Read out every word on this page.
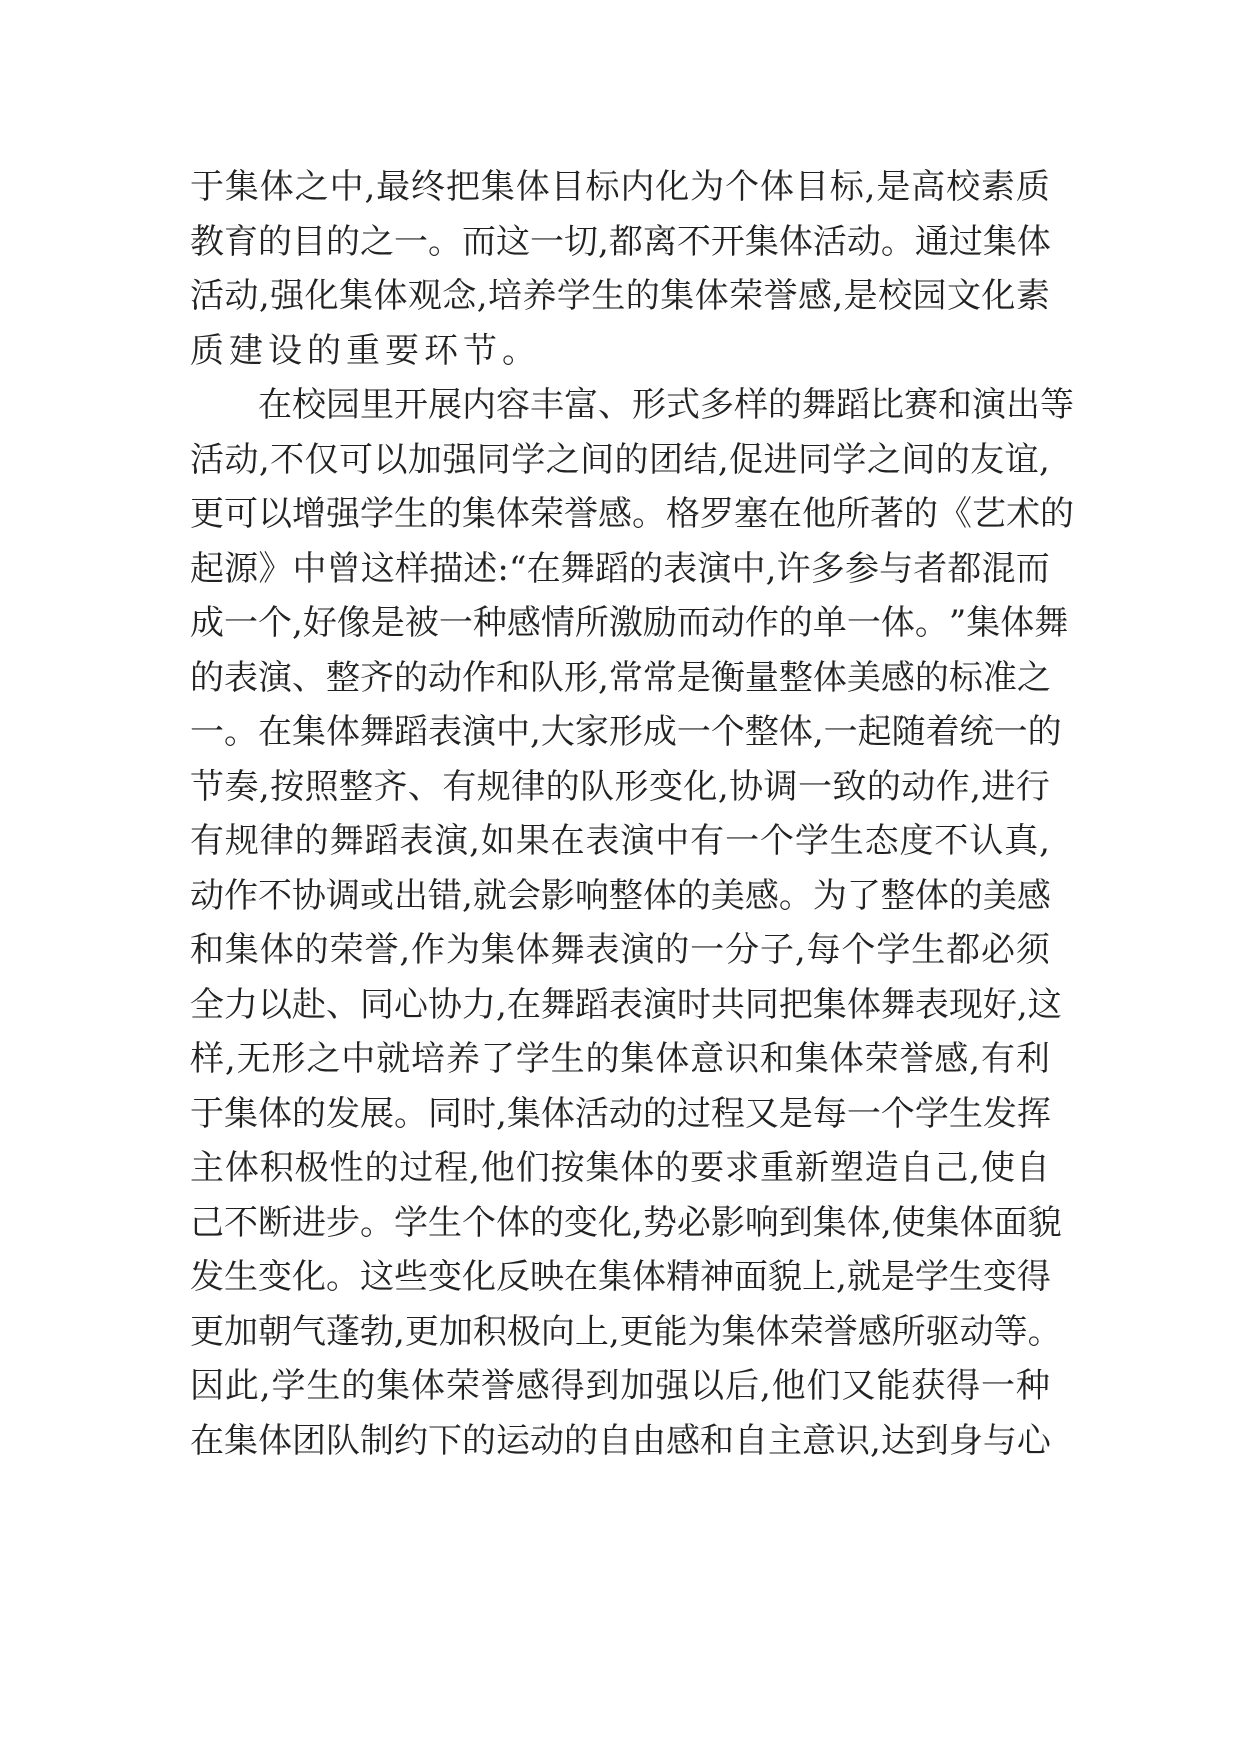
于 集 体 之 中 , 最 终 把 集 体 目 标 内 化 为 个 体 目 标 , 是 高 校 素 质
教 育 的 目 的 之 一 。 而 这 一 切 , 都 离 不 开 集 体 活 动 。 通 过 集 体
活 动 , 强 化 集 体 观 念 , 培 养 学 生 的 集 体 荣 誉 感 , 是 校 园 文 化 素
质建设的重要环节。
在 校 园 里 开 展 内 容 丰 富 、 形 式 多 样 的 舞 蹈 比 赛 和 演 出 等
活 动 , 不 仅 可 以 加 强 同 学 之 间 的 团 结 , 促 进 同 学 之 间 的 友 谊 ,
更 可 以 增 强 学 生 的 集 体 荣 誉 感 。 格 罗 塞 在 他 所 著 的 《 艺 术 的
起 源 》 中 曾 这 样 描 述 : “ 在 舞 蹈 的 表 演 中 , 许 多 参 与 者 都 混 而
成 一 个 , 好 像 是 被 一 种 感 情 所 激 励 而 动 作 的 单 一 体 。 ” 集 体 舞
的 表 演 、 整 齐 的 动 作 和 队 形 , 常 常 是 衡 量 整 体 美 感 的 标 准 之
一 。 在 集 体 舞 蹈 表 演 中 , 大 家 形 成 一 个 整 体 , 一 起 随 着 统 一 的
节 奏 , 按 照 整 齐 、 有 规 律 的 队 形 变 化 , 协 调 一 致 的 动 作 , 进 行
有 规 律 的 舞 蹈 表 演 , 如 果 在 表 演 中 有 一 个 学 生 态 度 不 认 真 ,
动 作 不 协 调 或 出 错 , 就 会 影 响 整 体 的 美 感 。 为 了 整 体 的 美 感
和 集 体 的 荣 誉 , 作 为 集 体 舞 表 演 的 一 分 子 , 每 个 学 生 都 必 须
全 力 以 赴 、 同 心 协 力 , 在 舞 蹈 表 演 时 共 同 把 集 体 舞 表 现 好 , 这
样 , 无 形 之 中 就 培 养 了 学 生 的 集 体 意 识 和 集 体 荣 誉 感 , 有 利
于 集 体 的 发 展 。 同 时 , 集 体 活 动 的 过 程 又 是 每 一 个 学 生 发 挥
主 体 积 极 性 的 过 程 , 他 们 按 集 体 的 要 求 重 新 塑 造 自 己 , 使 自
己 不 断 进 步 。 学 生 个 体 的 变 化 , 势 必 影 响 到 集 体 , 使 集 体 面 貌
发 生 变 化 。 这 些 变 化 反 映 在 集 体 精 神 面 貌 上 , 就 是 学 生 变 得
更 加 朝 气 蓬 勃 , 更 加 积 极 向 上 , 更 能 为 集 体 荣 誉 感 所 驱 动 等 。
因 此 , 学 生 的 集 体 荣 誉 感 得 到 加 强 以 后 , 他 们 又 能 获 得 一 种
在 集 体 团 队 制 约 下 的 运 动 的 自 由 感 和 自 主 意 识 , 达 到 身 与 心
